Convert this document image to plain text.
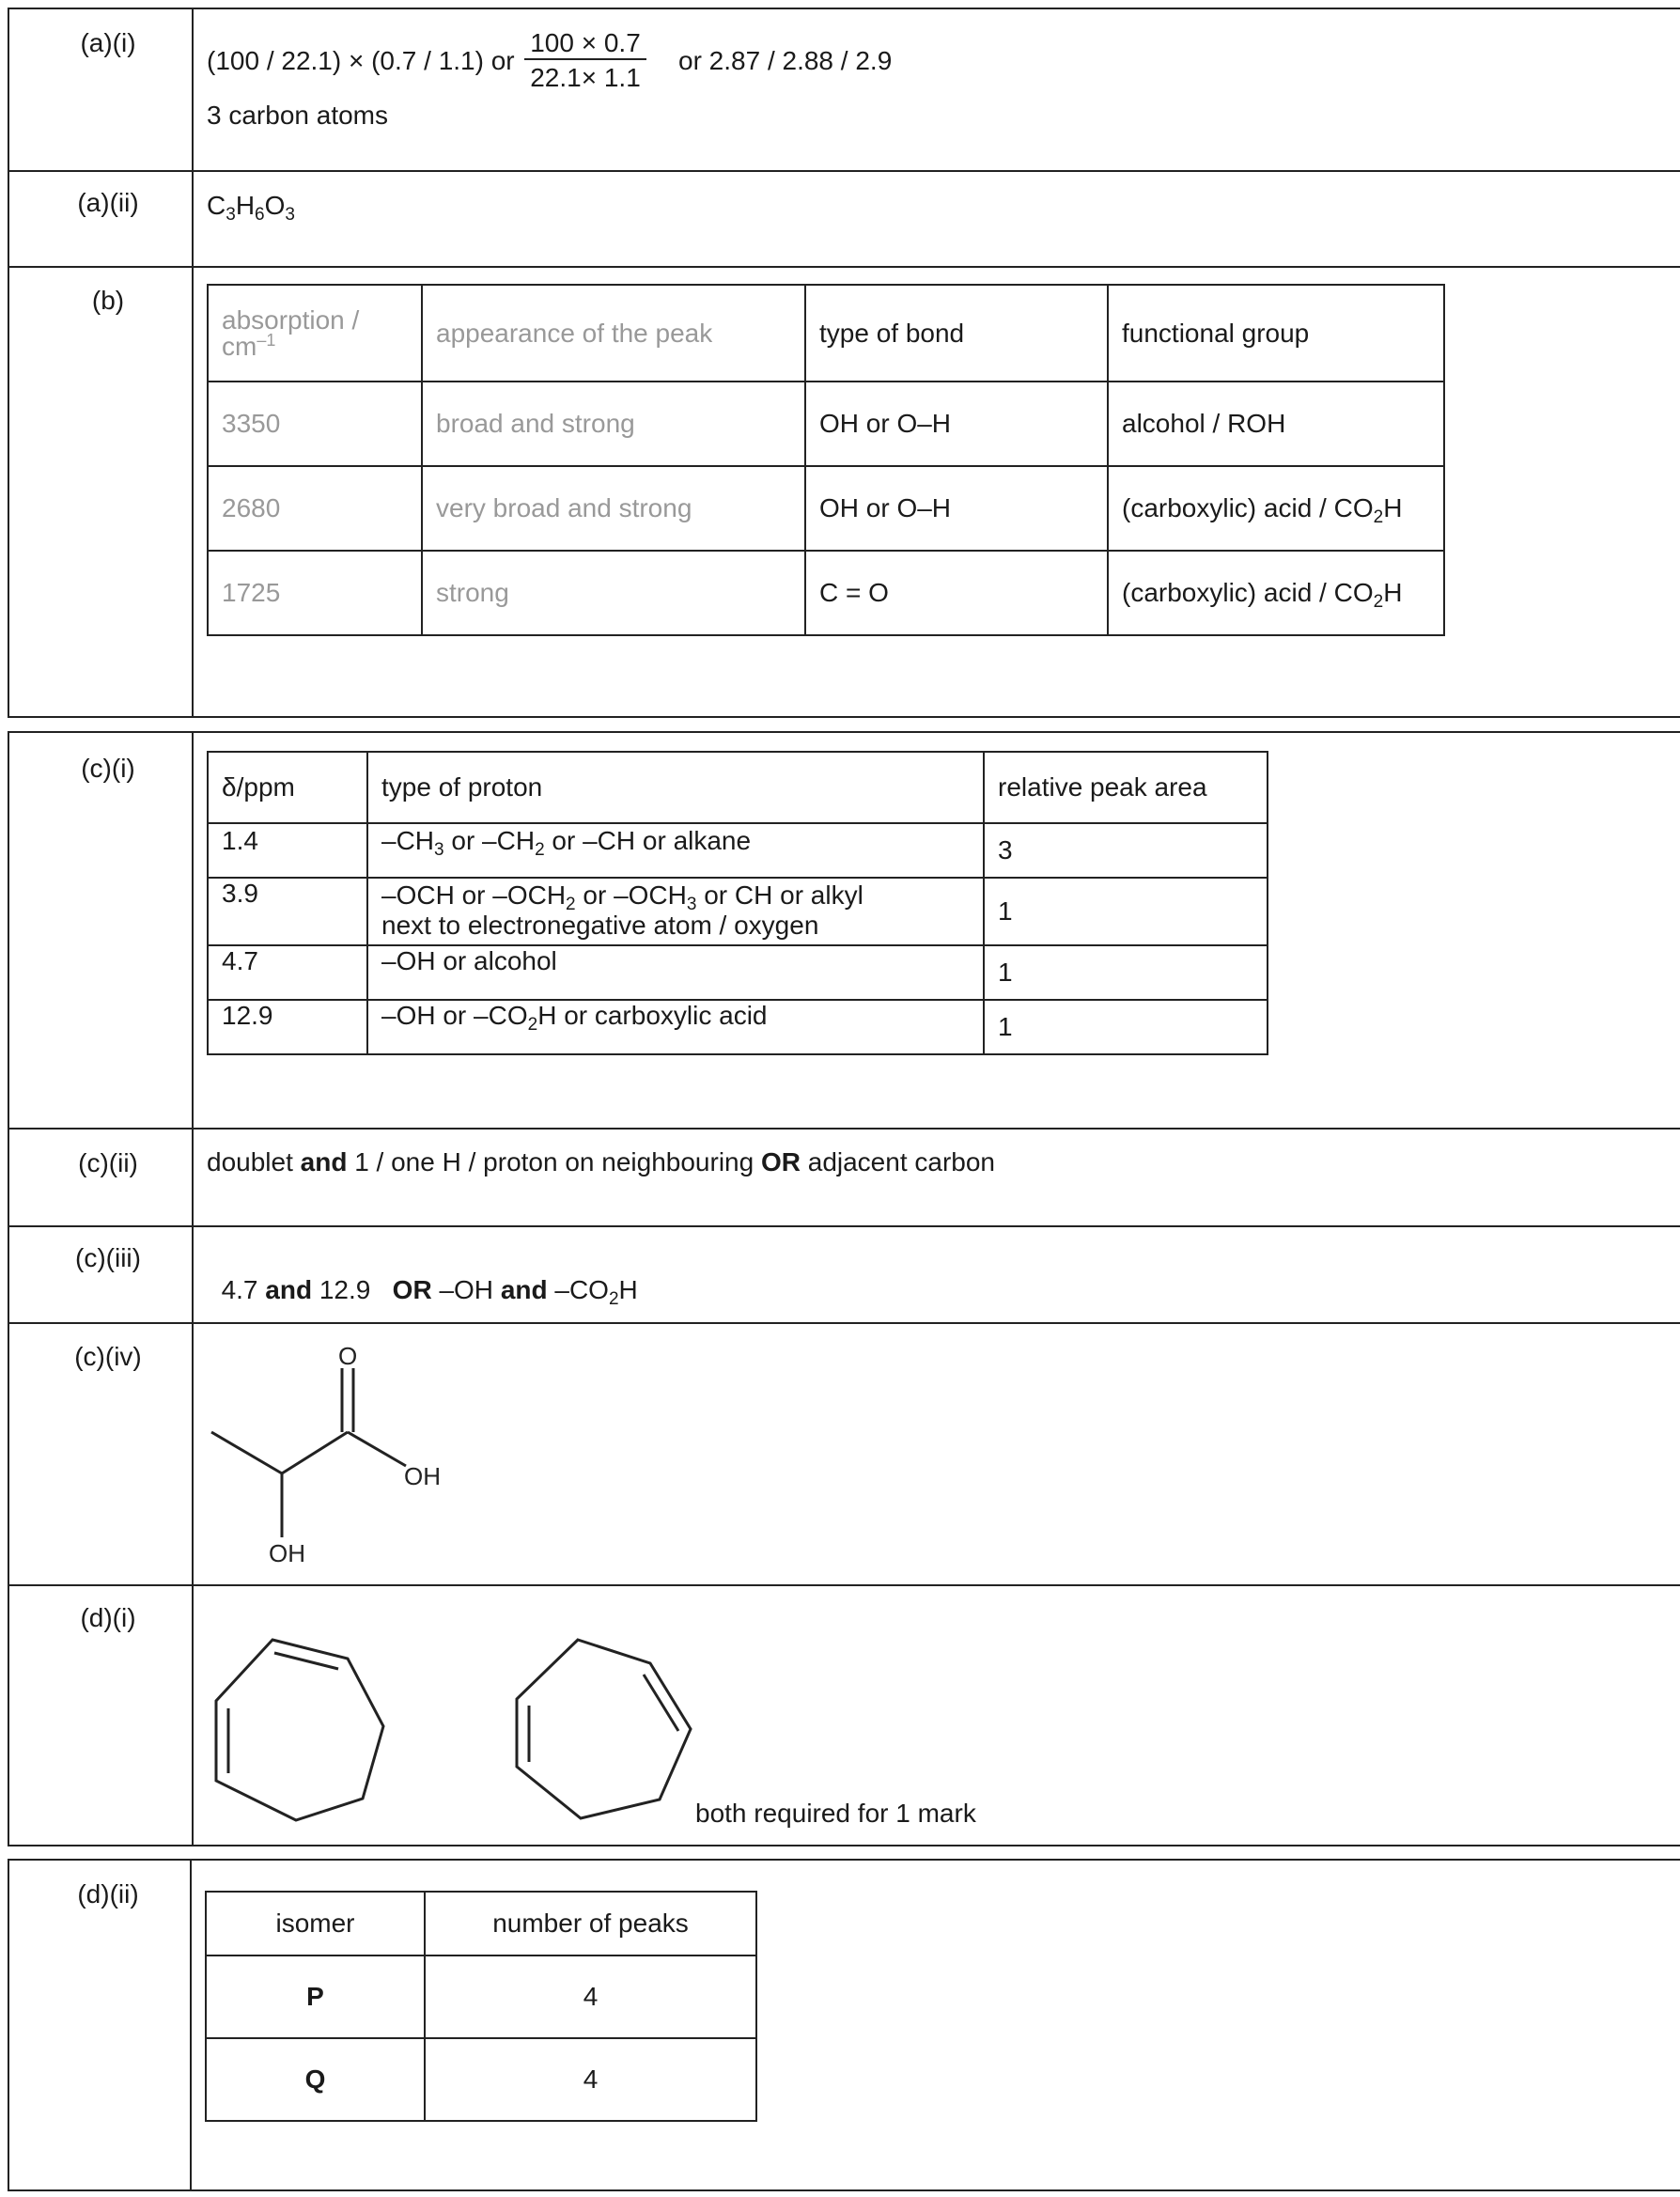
(a)(i)
(100 / 22.1) × (0.7 / 1.1) or $\frac{100 \times 0.7}{22.1\times 1.1}$ or 2.87 / 2.88 / 2.9
3 carbon atoms
(a)(ii)	$C_3H_6O_3$
(b)
absorption /
$cm^{-1}$	appearance of the peak	type of bond	functional group
3350	broad and strong	OH or O–H	alcohol / ROH
2680	very broad and strong	OH or O–H	(carboxylic) acid / $CO_2H$
1725	strong	C = O	(carboxylic) acid / $CO_2H$
(c)(i)
δ/ppm	type of proton	relative peak area
1.4	$-CH_3$ or $-CH_2$ or –CH or alkane	3
3.9	–OCH or $-OCH_2$ or $-OCH_3$ or CH or alkyl
next to electronegative atom / oxygen	1
4.7	–OH or alcohol	1
12.9	–OH or $-CO_2H$ or carboxylic acid	1
(c)(ii)	doublet and 1 / one H / proton on neighbouring OR adjacent carbon
(c)(iii)

4.7 and 12.9   OR –OH and $-CO_2H$

(c)(iv)	O
OH
OH
(d)(i)
both required for 1 mark
(d)(ii)
isomer	number of peaks
P	4
Q	4
